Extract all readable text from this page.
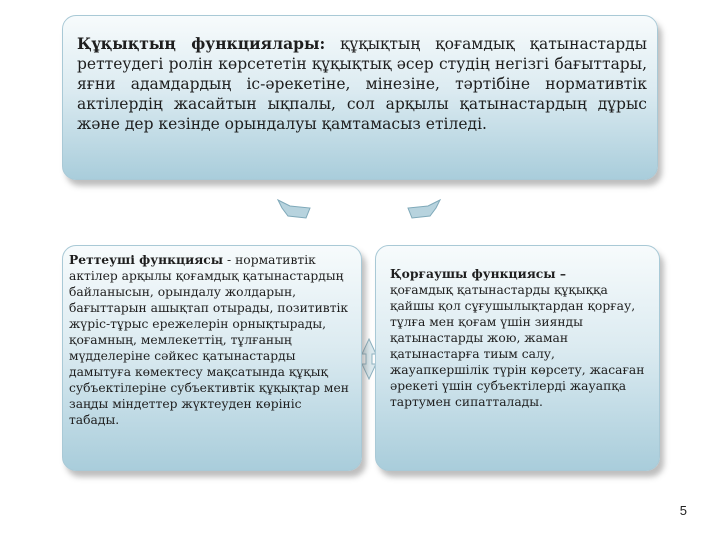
Құқықтың функциялары: құқықтың қоғамдық қатынастарды реттеудегі ролін көрсететін құқықтық әсер студің негізгі бағыттары, яғни адамдардың іс-әрекетіне, мінезіне, тәртібіне нормативтік актілердің жасайтын ықпалы, сол арқылы қатынастардың дұрыс және дер кезінде орындалуы қамтамасыз етіледі.

Реттеуші функциясы - нормативтік актілер арқылы қоғамдық қатынастардың байланысын, орындалу жолдарын, бағыттарын ашықтап отырады, позитивтік жүріс-тұрыс ережелерін орнықтырады, қоғамның, мемлекеттің, тұлғаның мүдделеріне сәйкес қатынастарды дамытуға көмектесу мақсатында құқық субъектілеріне субъективтік құқықтар мен заңды міндеттер жүктеуден көрініс табады.

Қорғаушы функциясы –

қоғамдық қатынастарды құқыққа қайшы қол сұғушылықтардан қорғау, тұлға мен қоғам үшін зиянды қатынастарды жою, жаман қатынастарға тиым салу, жауапкершілік түрін көрсету, жасаған әрекеті үшін субъектілерді жауапқа тартумен сипатталады.

5
